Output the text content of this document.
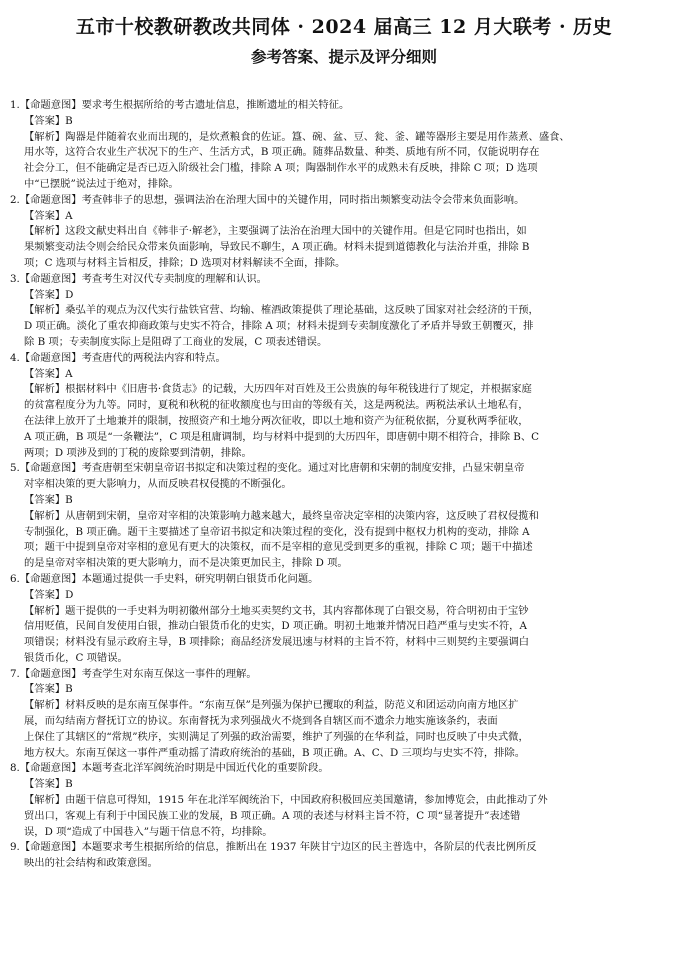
五市十校教研教改共同体 · 2024 届高三 12 月大联考 · 历史
参考答案、提示及评分细则
1.【命题意图】要求考生根据所给的考古遗址信息，推断遗址的相关特征。
【答案】B
【解析】陶器是伴随着农业而出现的，是炊煮粮食的佐证。簋、碗、盆、豆、瓮、釜、罐等器形主要是用作蒸煮、盛食、
用水等，这符合农业生产状况下的生产、生活方式，B 项正确。随葬品数量、种类、质地有所不同，仅能说明存在
社会分工，但不能确定是否已迈入阶级社会门槛，排除 A 项；陶器制作水平的成熟未有反映，排除 C 项；D 选项
中“已摆脱”说法过于绝对，排除。
2.【命题意图】考查韩非子的思想，强调法治在治理大国中的关键作用，同时指出频繁变动法令会带来负面影响。
【答案】A
【解析】这段文献史料出自《韩非子·解老》，主要强调了法治在治理大国中的关键作用。但是它同时也指出，如
果频繁变动法令则会给民众带来负面影响，导致民不聊生，A 项正确。材料未提到道德教化与法治并重，排除 B
项；C 选项与材料主旨相反，排除；D 选项对材料解读不全面，排除。
3.【命题意图】考查考生对汉代专卖制度的理解和认识。
【答案】D
【解析】桑弘羊的观点为汉代实行盐铁官营、均输、榷酒政策提供了理论基础，这反映了国家对社会经济的干预，
D 项正确。淡化了重农抑商政策与史实不符合，排除 A 项；材料未提到专卖制度激化了矛盾并导致王朝覆灭，排
除 B 项；专卖制度实际上是阻碍了工商业的发展，C 项表述错误。
4.【命题意图】考查唐代的两税法内容和特点。
【答案】A
【解析】根据材料中《旧唐书·食货志》的记载，大历四年对百姓及王公贵族的每年税钱进行了规定，并根据家庭
的贫富程度分为九等。同时，夏税和秋税的征收额度也与田亩的等级有关，这是两税法。两税法承认土地私有，
在法律上放开了土地兼并的限制，按照资产和土地分两次征收，即以土地和资产为征税依据，分夏秋两季征收，
A 项正确，B 项是“一条鞭法”，C 项是租庸调制，均与材料中提到的大历四年，即唐朝中期不相符合，排除 B、C
两项；D 项涉及到的丁税的废除要到清朝，排除。
5.【命题意图】考查唐朝至宋朝皇帝诏书拟定和决策过程的变化。通过对比唐朝和宋朝的制度安排，凸显宋朝皇帝
对宰相决策的更大影响力，从而反映君权侵揽的不断强化。
【答案】B
【解析】从唐朝到宋朝，皇帝对宰相的决策影响力越来越大，最终皇帝决定宰相的决策内容，这反映了君权侵揽和
专制强化，B 项正确。题干主要描述了皇帝诏书拟定和决策过程的变化，没有提到中枢权力机构的变动，排除 A
项；题干中提到皇帝对宰相的意见有更大的决策权，而不是宰相的意见受到更多的重视，排除 C 项；题干中描述
的是皇帝对宰相决策的更大影响力，而不是决策更加民主，排除 D 项。
6.【命题意图】本题通过提供一手史料，研究明朝白银货币化问题。
【答案】D
【解析】题干提供的一手史料为明初徽州部分土地买卖契约文书，其内容都体现了白银交易，符合明初由于宝钞
信用贬值，民间自发使用白银，推动白银货币化的史实，D 项正确。明初土地兼并情况日趋严重与史实不符，A
项错误；材料没有显示政府主导，B 项排除；商品经济发展迅速与材料的主旨不符，材料中三则契约主要强调白
银货币化，C 项错误。
7.【命题意图】考查学生对东南互保这一事件的理解。
【答案】B
【解析】材料反映的是东南互保事件。“东南互保”是列强为保护已攫取的利益，防范义和团运动向南方地区扩
展，而勾结南方督抚订立的协议。东南督抚为求列强战火不烧到各自辖区而不遗余力地实施该条约，表面
上保住了其辖区的“常规”秩序，实则满足了列强的政治需要，维护了列强的在华利益，同时也反映了中央式微，
地方权大。东南互保这一事件严重动摇了清政府统治的基础，B 项正确。A、C、D 三项均与史实不符，排除。
8.【命题意图】本题考查北洋军阀统治时期是中国近代化的重要阶段。
【答案】B
【解析】由题干信息可得知，1915 年在北洋军阀统治下，中国政府积极回应美国邀请，参加博览会，由此推动了外
贸出口，客观上有利于中国民族工业的发展，B 项正确。A 项的表述与材料主旨不符，C 项“显著提升”表述错
误，D 项“造成了中国巷入”与题干信息不符，均排除。
9.【命题意图】本题要求考生根据所给的信息，推断出在 1937 年陕甘宁边区的民主普选中，各阶层的代表比例所反
映出的社会结构和政策意图。
